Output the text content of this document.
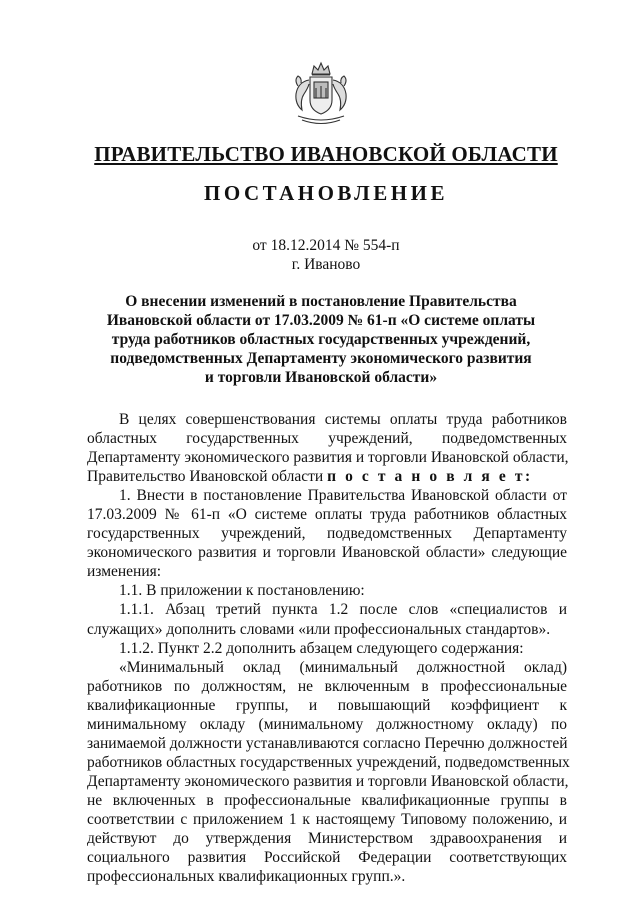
ПРАВИТЕЛЬСТВО ИВАНОВСКОЙ ОБЛАСТИ
ПОСТАНОВЛЕНИЕ
от 18.12.2014 № 554-п
г. Иваново
О внесении изменений в постановление Правительства
Ивановской области от 17.03.2009 № 61-п «О системе оплаты
труда работников областных государственных учреждений,
подведомственных Департаменту экономического развития
и торговли Ивановской области»
В целях совершенствования системы оплаты труда работников
областных государственных учреждений, подведомственных
Департаменту экономического развития и торговли Ивановской области,
Правительство Ивановской области п о с т а н о в л я е т:
1. Внести в постановление Правительства Ивановской области от
17.03.2009 № 61-п «О системе оплаты труда работников областных
государственных учреждений, подведомственных Департаменту
экономического развития и торговли Ивановской области» следующие
изменения:
1.1. В приложении к постановлению:
1.1.1. Абзац третий пункта 1.2 после слов «специалистов и
служащих» дополнить словами «или профессиональных стандартов».
1.1.2. Пункт 2.2 дополнить абзацем следующего содержания:
«Минимальный оклад (минимальный должностной оклад)
работников по должностям, не включенным в профессиональные
квалификационные группы, и повышающий коэффициент к
минимальному окладу (минимальному должностному окладу) по
занимаемой должности устанавливаются согласно Перечню должностей
работников областных государственных учреждений, подведомственных
Департаменту экономического развития и торговли Ивановской области,
не включенных в профессиональные квалификационные группы в
соответствии с приложением 1 к настоящему Типовому положению, и
действуют до утверждения Министерством здравоохранения и
социального развития Российской Федерации соответствующих
профессиональных квалификационных групп.».
